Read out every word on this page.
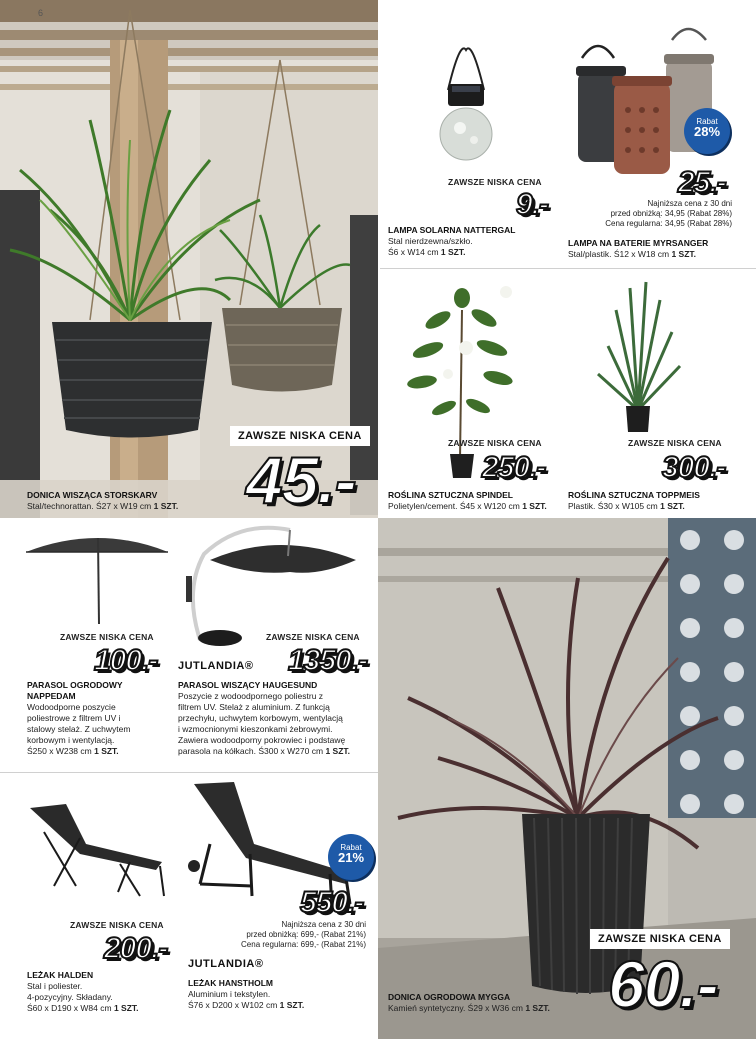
6
ZAWSZE NISKA CENA
45.-
DONICA WISZĄCA STORSKARV
Stal/technorattan. Ś27 x W19 cm 1 SZT.
ZAWSZE NISKA CENA
9.-
LAMPA SOLARNA NATTERGAL
Stal nierdzewna/szkło.
Ś6 x W14 cm 1 SZT.
Rabat
28%
25.-
Najniższa cena z 30 dni
przed obniżką: 34,95 (Rabat 28%)
Cena regularna: 34,95 (Rabat 28%)
LAMPA NA BATERIE MYRSANGER
Stal/plastik. Ś12 x W18 cm 1 SZT.
ZAWSZE NISKA CENA
250.-
ROŚLINA SZTUCZNA SPINDEL
Polietylen/cement. Ś45 x W120 cm 1 SZT.
ZAWSZE NISKA CENA
300.-
ROŚLINA SZTUCZNA TOPPMEIS
Plastik. Ś30 x W105 cm 1 SZT.
ZAWSZE NISKA CENA
100.-
PARASOL OGRODOWY
NAPPEDAM
Wodoodporne poszycie
poliestrowe z filtrem UV i
stalowy stelaż. Z uchwytem
korbowym i wentylacją.
Ś250 x W238 cm 1 SZT.
ZAWSZE NISKA CENA
JUTLANDIA® 1350.-
PARASOL WISZĄCY HAUGESUND
Poszycie z wodoodpornego poliestru z
filtrem UV. Stelaż z aluminium. Z funkcją
przechyłu, uchwytem korbowym, wentylacją
i wzmocnionymi kieszonkami żebrowymi.
Zawiera wodoodporny pokrowiec i podstawę
parasola na kółkach. Ś300 x W270 cm 1 SZT.
ZAWSZE NISKA CENA
200.-
LEŻAK HALDEN
Stal i poliester.
4-pozycyjny. Składany.
Ś60 x D190 x W84 cm 1 SZT.
Rabat
21%
550.-
Najniższa cena z 30 dni
przed obniżką: 699,- (Rabat 21%)
Cena regularna: 699,- (Rabat 21%)
JUTLANDIA®
LEŻAK HANSTHOLM
Aluminium i tekstylen.
Ś76 x D200 x W102 cm 1 SZT.
ZAWSZE NISKA CENA
60.-
DONICA OGRODOWA MYGGA
Kamień syntetyczny. Ś29 x W36 cm 1 SZT.
